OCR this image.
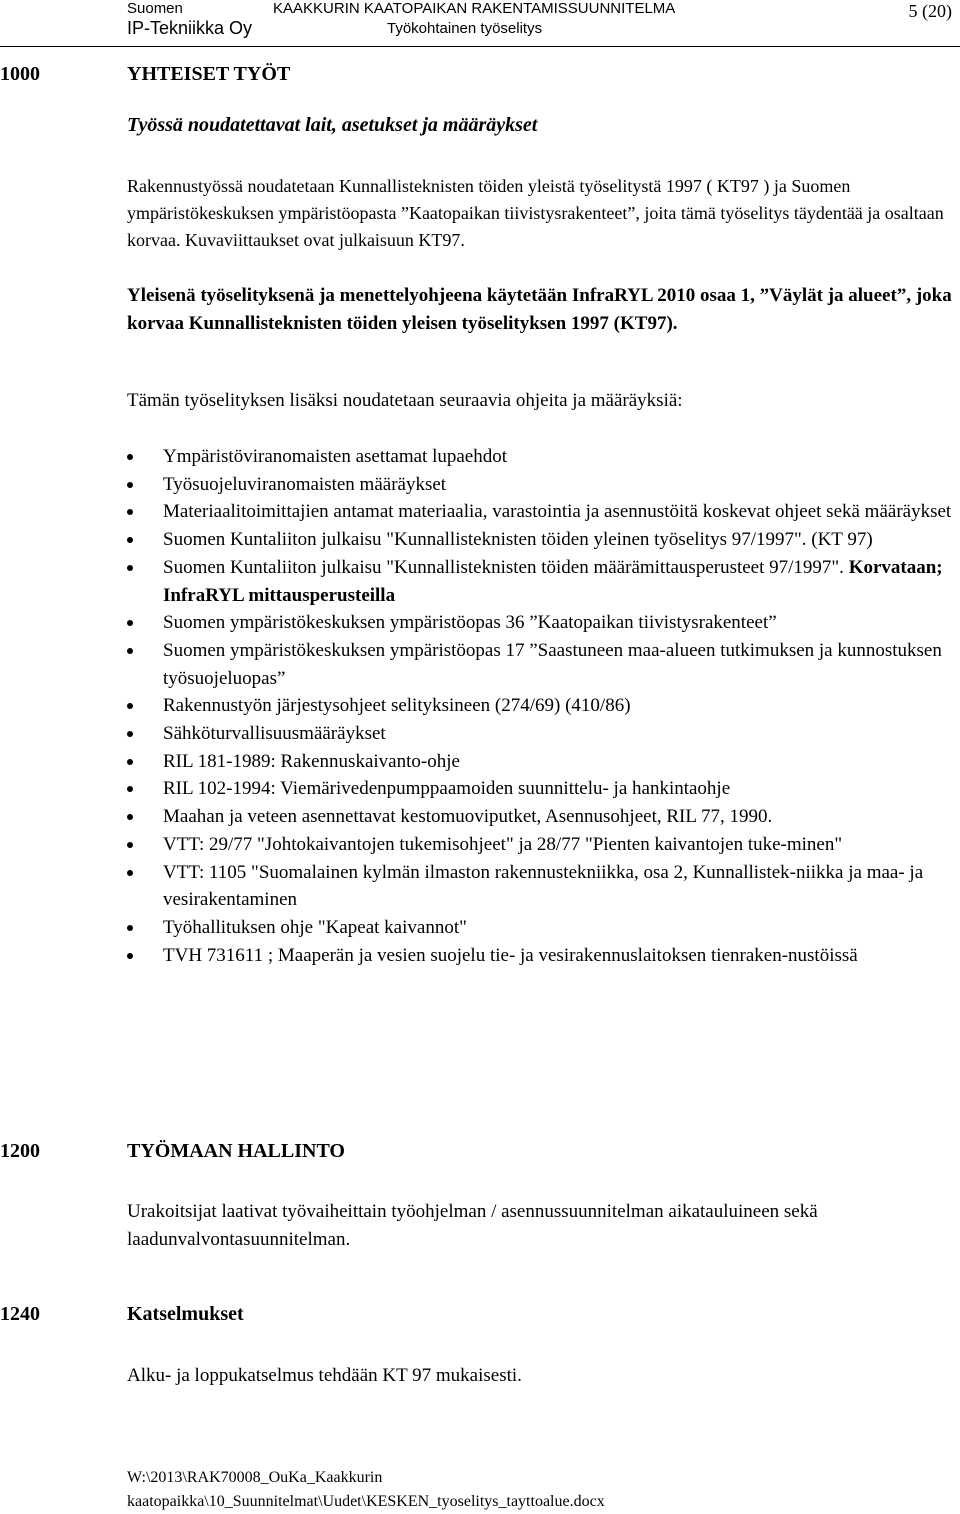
Suomen
IP-Tekniikka Oy
KAAKKURIN KAATOPAIKAN RAKENTAMISSUUNNITELMA
Työkohtainen työselitys
5 (20)
1000	YHTEISET TYÖT
Työssä noudatettavat lait, asetukset ja määräykset
Rakennustyössä noudatetaan Kunnallisteknisten töiden yleistä työselitystä 1997 ( KT97 ) ja Suomen ympäristökeskuksen ympäristöopasta ”Kaatopaikan tiivistysrakenteet”, joita tämä työselitys täydentää ja osaltaan korvaa. Kuvaviittaukset ovat julkaisuun KT97.
Yleisenä työselityksenä ja menettelyohjeena käytetään InfraRYL 2010 osaa 1, ”Väylät ja alueet”, joka korvaa Kunnallisteknisten töiden yleisen työselityksen 1997 (KT97).
Tämän työselityksen lisäksi noudatetaan seuraavia ohjeita ja määräyksiä:
Ympäristöviranomaisten asettamat lupaehdot
Työsuojeluviranomaisten määräykset
Materiaalitoimittajien antamat materiaalia, varastointia ja asennustöitä koskevat ohjeet sekä määräykset
Suomen Kuntaliiton julkaisu "Kunnallisteknisten töiden yleinen työselitys 97/1997". (KT 97)
Suomen Kuntaliiton julkaisu "Kunnallisteknisten töiden määrämittausperusteet 97/1997". Korvataan; InfraRYL mittausperusteilla
Suomen ympäristökeskuksen ympäristöopas 36 ”Kaatopaikan tiivistysrakenteet”
Suomen ympäristökeskuksen ympäristöopas 17 ”Saastuneen maa-alueen tutkimuksen ja kunnostuksen työsuojeluopas”
Rakennustyön järjestysohjeet selityksineen (274/69) (410/86)
Sähköturvallisuusmääräykset
RIL 181-1989: Rakennuskaivanto-ohje
RIL 102-1994: Viemärivedenpumppaamoiden suunnittelu- ja hankintaohje
Maahan ja veteen asennettavat kestomuoviputket, Asennusohjeet, RIL 77, 1990.
VTT: 29/77 "Johtokaivantojen tukemisohjeet" ja 28/77 "Pienten kaivantojen tuke-minen"
VTT: 1105 "Suomalainen kylmän ilmaston rakennustekniikka, osa 2, Kunnallistek-niikka ja maa- ja vesirakentaminen
Työhallituksen ohje "Kapeat kaivannot"
TVH 731611 ; Maaperän ja vesien suojelu tie- ja vesirakennuslaitoksen tienraken-nustöissä
1200	TYÖMAAN HALLINTO
Urakoitsijat laativat työvaiheittain työohjelman / asennussuunnitelman aikatauluineen sekä laadunvalvontasuunnitelman.
1240	Katselmukset
Alku- ja loppukatselmus tehdään KT 97 mukaisesti.
W:\2013\RAK70008_OuKa_Kaakkurin
kaatopaikka\10_Suunnitelmat\Uudet\KESKEN_tyoselitys_tayttoalue.docx
